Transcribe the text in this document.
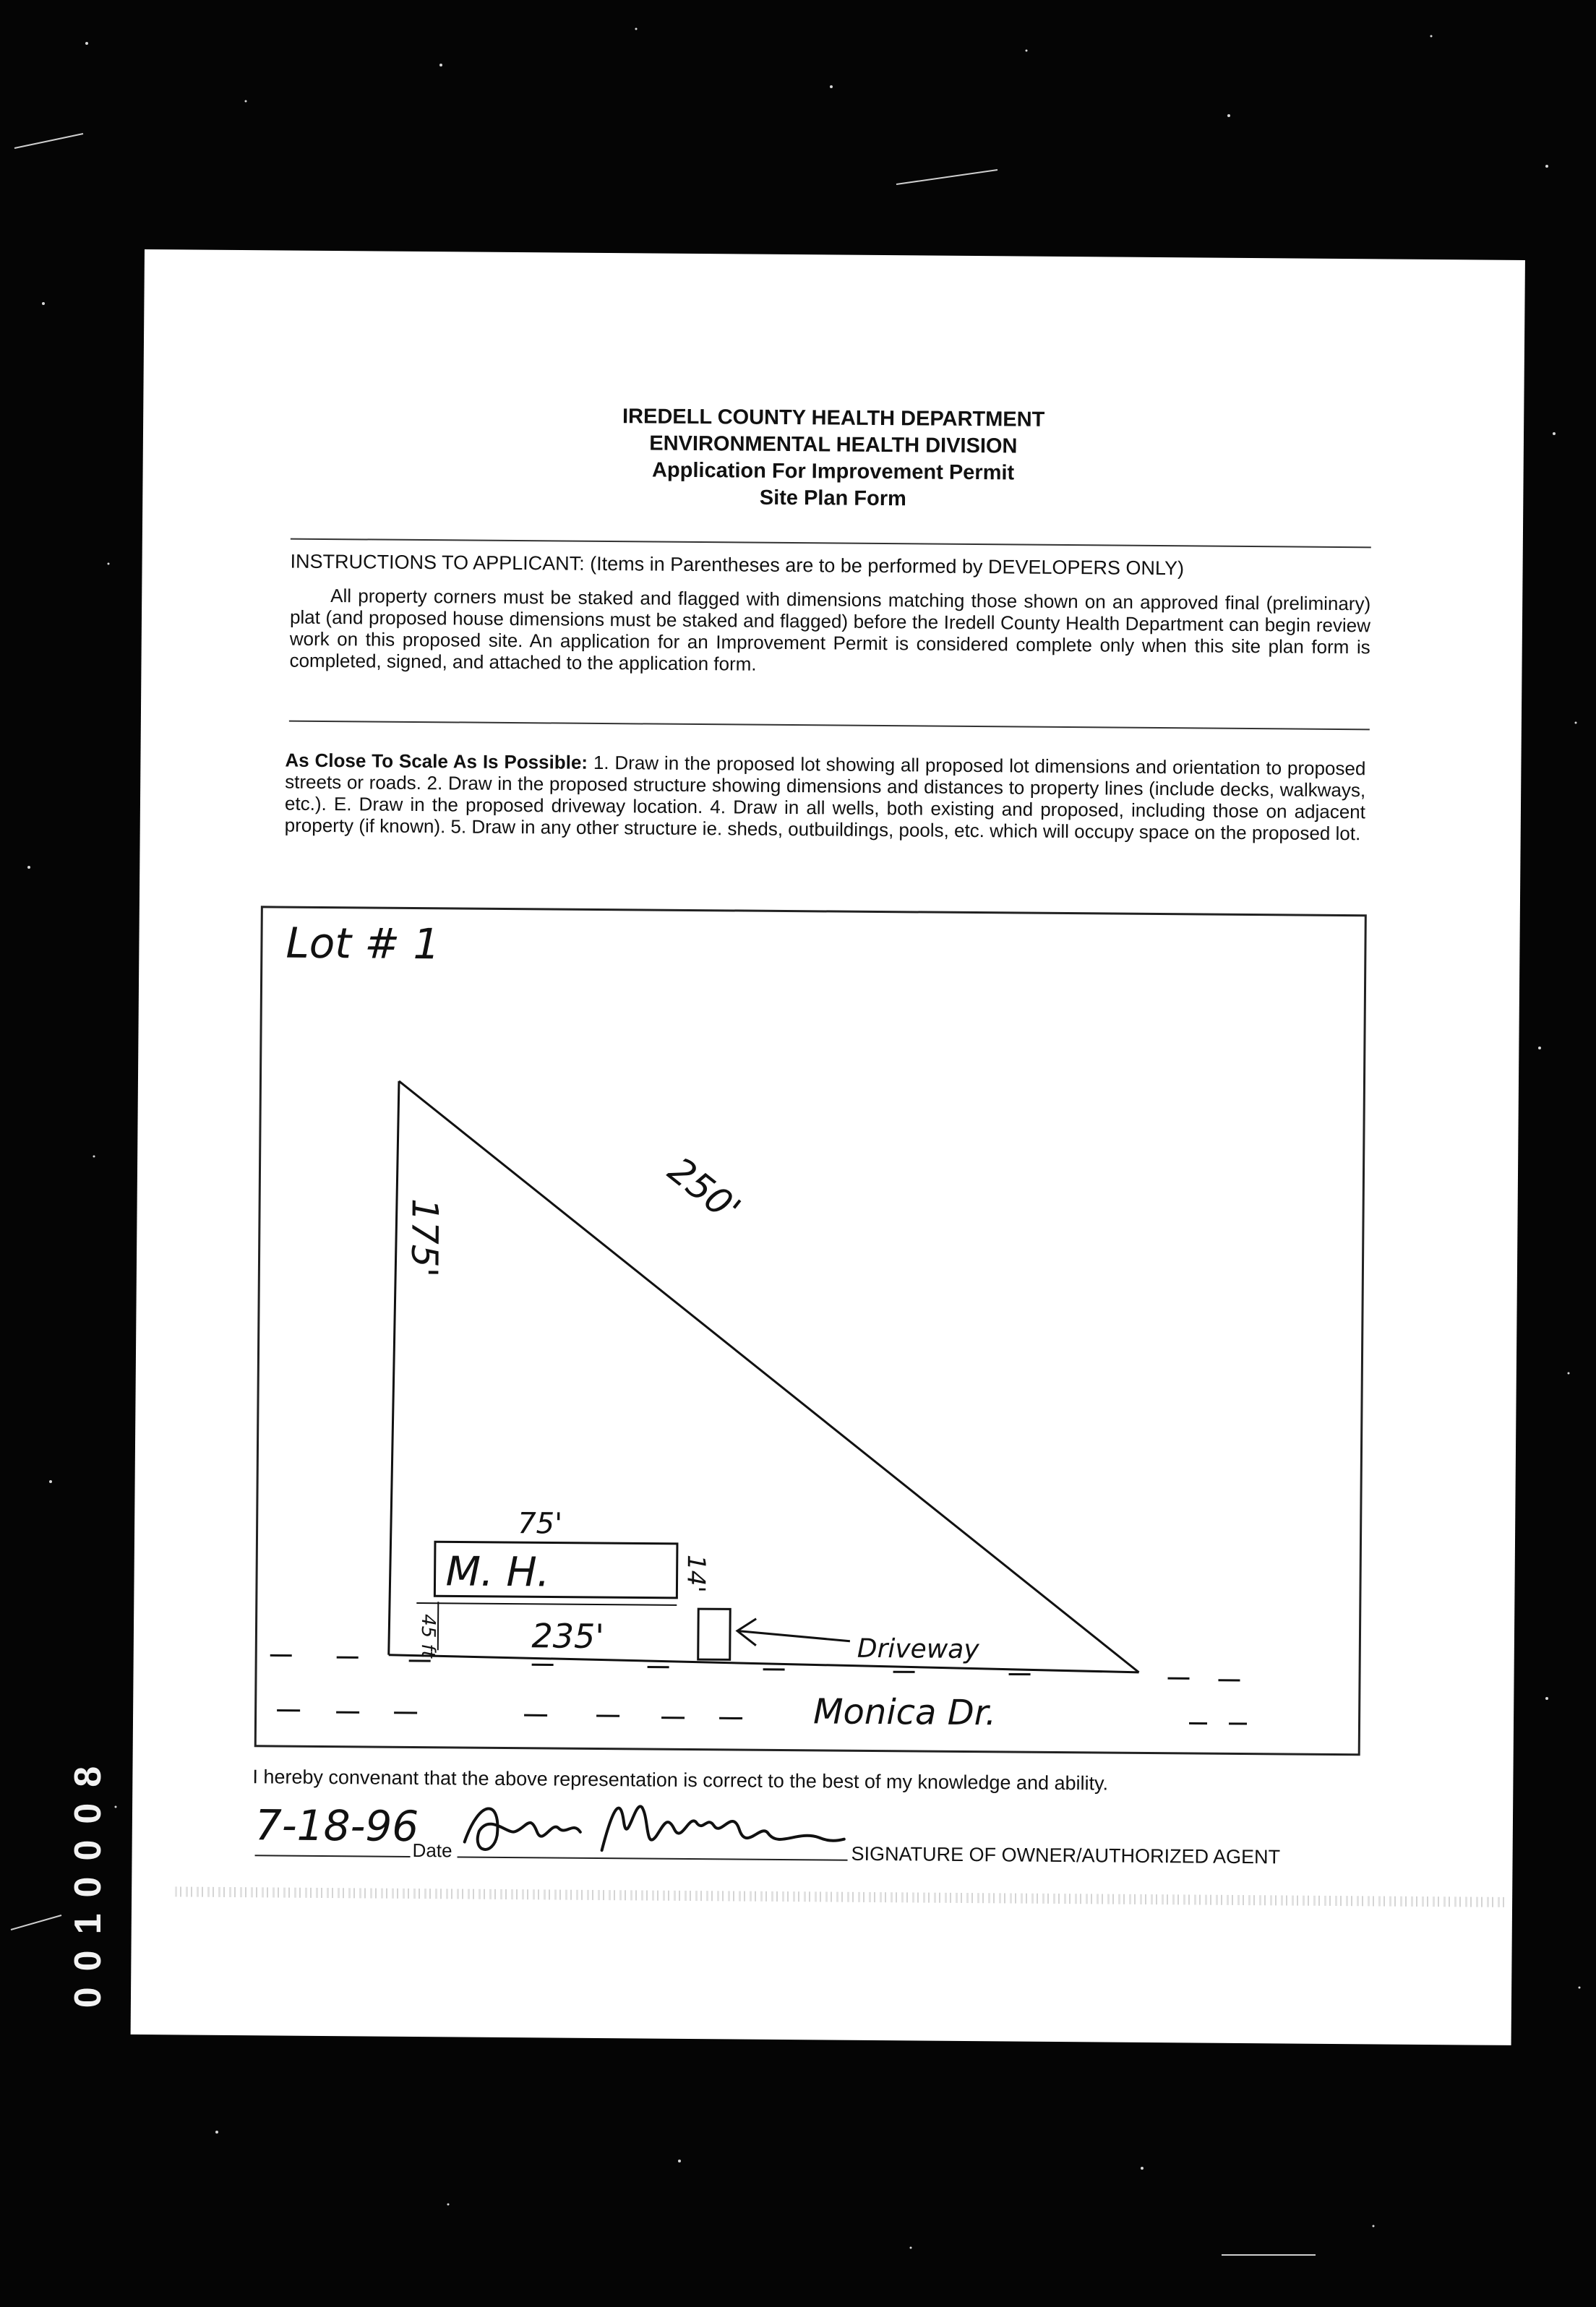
IREDELL COUNTY HEALTH DEPARTMENT
ENVIRONMENTAL HEALTH DIVISION
Application For Improvement Permit
Site Plan Form
INSTRUCTIONS TO APPLICANT: (Items in Parentheses are to be performed by DEVELOPERS ONLY)
All property corners must be staked and flagged with dimensions matching those shown on an approved final (preliminary) plat (and proposed house dimensions must be staked and flagged) before the Iredell County Health Department can begin review work on this proposed site. An application for an Improvement Permit is considered complete only when this site plan form is completed, signed, and attached to the application form.
As Close To Scale As Is Possible: 1. Draw in the proposed lot showing all proposed lot dimensions and orientation to proposed streets or roads. 2. Draw in the proposed structure showing dimensions and distances to property lines (include decks, walkways, etc.). E. Draw in the proposed driveway location. 4. Draw in all wells, both existing and proposed, including those on adjacent property (if known). 5. Draw in any other structure ie. sheds, outbuildings, pools, etc. which will occupy space on the proposed lot.
Lot # 1
175'
250'
75'
M. H.	14'
45 ft	235'	Driveway
Monica Dr.
I hereby convenant that the above representation is correct to the best of my knowledge and ability.
7-18-96
Date	SIGNATURE OF OWNER/AUTHORIZED AGENT
0010008
